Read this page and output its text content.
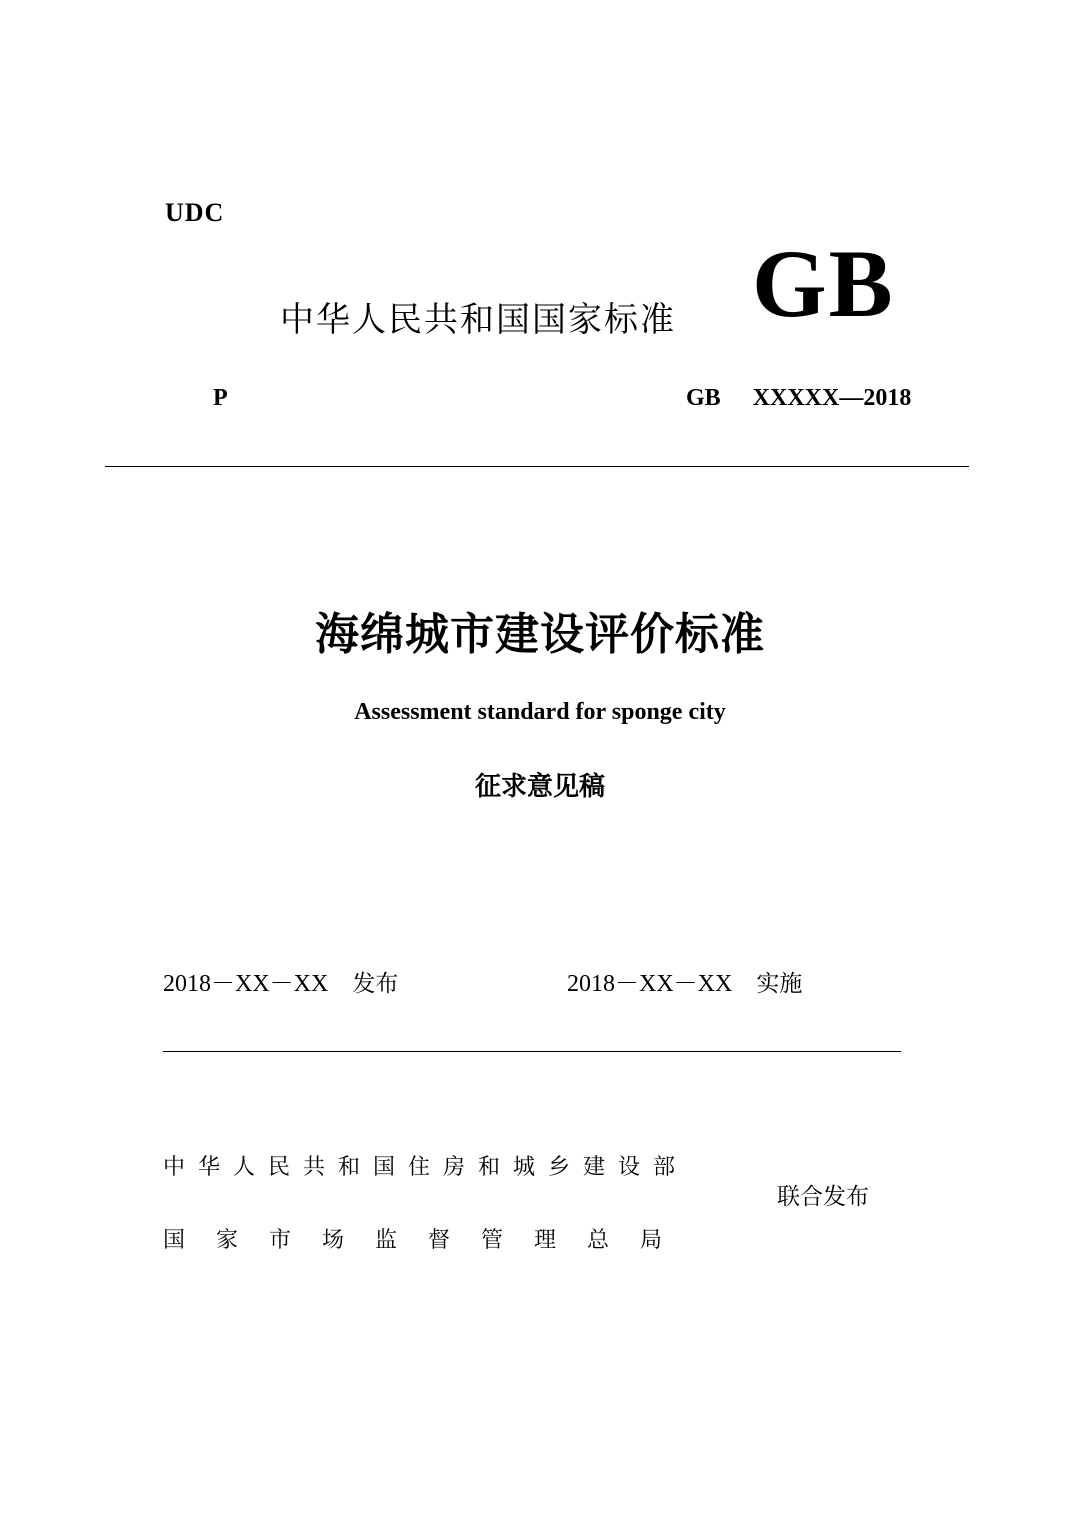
UDC
中华人民共和国国家标准 GB
P	GB  XXXXX—2018
海绵城市建设评价标准
Assessment standard for sponge city
征求意见稿
2018－XX－XX 发布	2018－XX－XX 实施
中华人民共和国住房和城乡建设部
国家市场监督管理总局
联合发布
